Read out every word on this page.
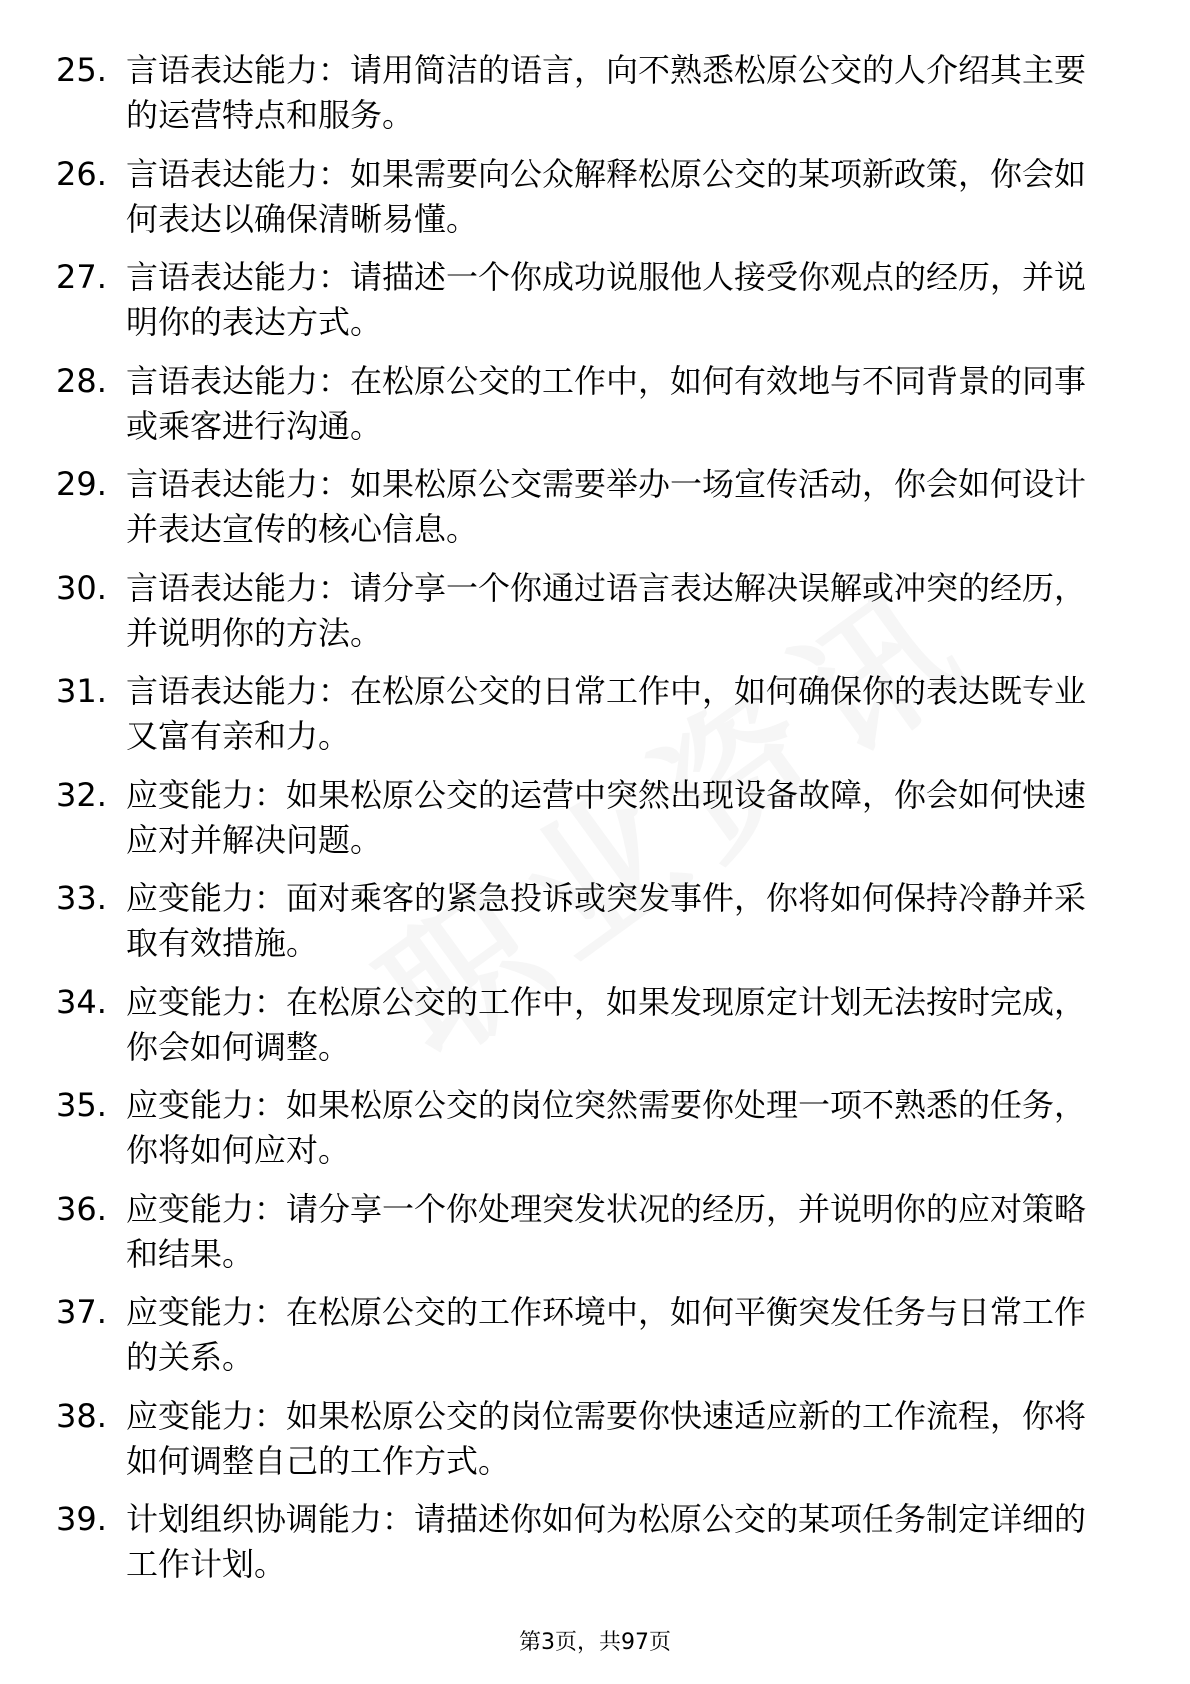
25. 言语表达能力：请用简洁的语言，向不熟悉松原公交的人介绍其主要的运营特点和服务。
26. 言语表达能力：如果需要向公众解释松原公交的某项新政策，你会如何表达以确保清晰易懂。
27. 言语表达能力：请描述一个你成功说服他人接受你观点的经历，并说明你的表达方式。
28. 言语表达能力：在松原公交的工作中，如何有效地与不同背景的同事或乘客进行沟通。
29. 言语表达能力：如果松原公交需要举办一场宣传活动，你会如何设计并表达宣传的核心信息。
30. 言语表达能力：请分享一个你通过语言表达解决误解或冲突的经历，并说明你的方法。
31. 言语表达能力：在松原公交的日常工作中，如何确保你的表达既专业又富有亲和力。
32. 应变能力：如果松原公交的运营中突然出现设备故障，你会如何快速应对并解决问题。
33. 应变能力：面对乘客的紧急投诉或突发事件，你将如何保持冷静并采取有效措施。
34. 应变能力：在松原公交的工作中，如果发现原定计划无法按时完成，你会如何调整。
35. 应变能力：如果松原公交的岗位突然需要你处理一项不熟悉的任务，你将如何应对。
36. 应变能力：请分享一个你处理突发状况的经历，并说明你的应对策略和结果。
37. 应变能力：在松原公交的工作环境中，如何平衡突发任务与日常工作的关系。
38. 应变能力：如果松原公交的岗位需要你快速适应新的工作流程，你将如何调整自己的工作方式。
39. 计划组织协调能力：请描述你如何为松原公交的某项任务制定详细的工作计划。
第3页，共97页
